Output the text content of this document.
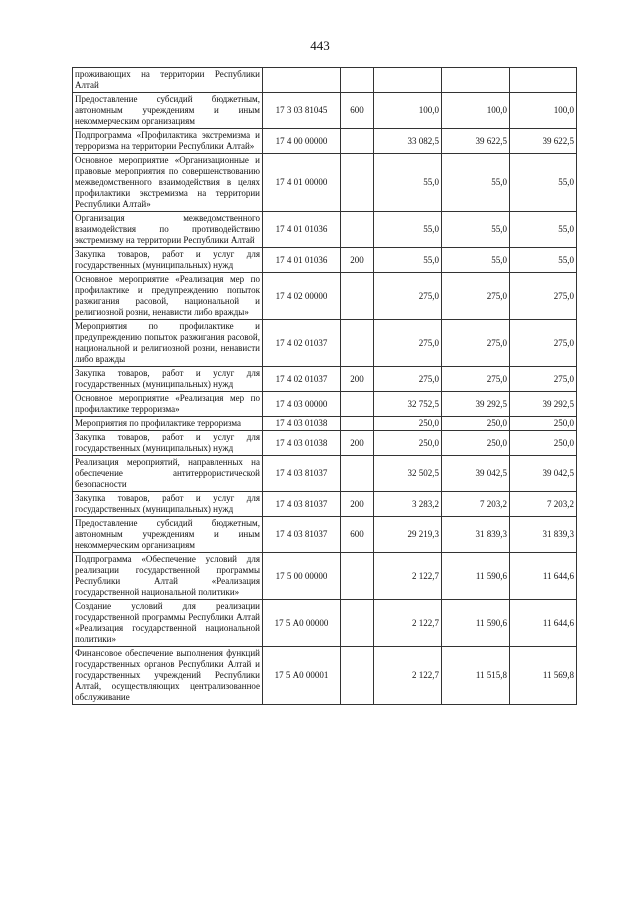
443
проживающих на территории Республики Алтай					
Предоставление субсидий бюджетным, автономным учреждениям и иным некоммерческим организациям	17 3 03 81045	600	100,0	100,0	100,0
Подпрограмма «Профилактика экстремизма и терроризма на территории Республики Алтай»	17 4 00 00000		33 082,5	39 622,5	39 622,5
Основное мероприятие «Организационные и правовые мероприятия по совершенствованию межведомственного взаимодействия в целях профилактики экстремизма на территории Республики Алтай»	17 4 01 00000		55,0	55,0	55,0
Организация межведомственного взаимодействия по противодействию экстремизму на территории Республики Алтай	17 4 01 01036		55,0	55,0	55,0
Закупка товаров, работ и услуг для государственных (муниципальных) нужд	17 4 01 01036	200	55,0	55,0	55,0
Основное мероприятие «Реализация мер по профилактике и предупреждению попыток разжигания расовой, национальной и религиозной розни, ненависти либо вражды»	17 4 02 00000		275,0	275,0	275,0
Мероприятия по профилактике и предупреждению попыток разжигания расовой, национальной и религиозной розни, ненависти либо вражды	17 4 02 01037		275,0	275,0	275,0
Закупка товаров, работ и услуг для государственных (муниципальных) нужд	17 4 02 01037	200	275,0	275,0	275,0
Основное мероприятие «Реализация мер по профилактике терроризма»	17 4 03 00000		32 752,5	39 292,5	39 292,5
Мероприятия по профилактике терроризма	17 4 03 01038		250,0	250,0	250,0
Закупка товаров, работ и услуг для государственных (муниципальных) нужд	17 4 03 01038	200	250,0	250,0	250,0
Реализация мероприятий, направленных на обеспечение антитеррористической безопасности	17 4 03 81037		32 502,5	39 042,5	39 042,5
Закупка товаров, работ и услуг для государственных (муниципальных) нужд	17 4 03 81037	200	3 283,2	7 203,2	7 203,2
Предоставление субсидий бюджетным, автономным учреждениям и иным некоммерческим организациям	17 4 03 81037	600	29 219,3	31 839,3	31 839,3
Подпрограмма «Обеспечение условий для реализации государственной программы Республики Алтай «Реализация государственной национальной политики»	17 5 00 00000		2 122,7	11 590,6	11 644,6
Создание условий для реализации государственной программы Республики Алтай «Реализация государственной национальной политики»	17 5 А0 00000		2 122,7	11 590,6	11 644,6
Финансовое обеспечение выполнения функций государственных органов Республики Алтай и государственных учреждений Республики Алтай, осуществляющих централизованное обслуживание	17 5 А0 00001		2 122,7	11 515,8	11 569,8
